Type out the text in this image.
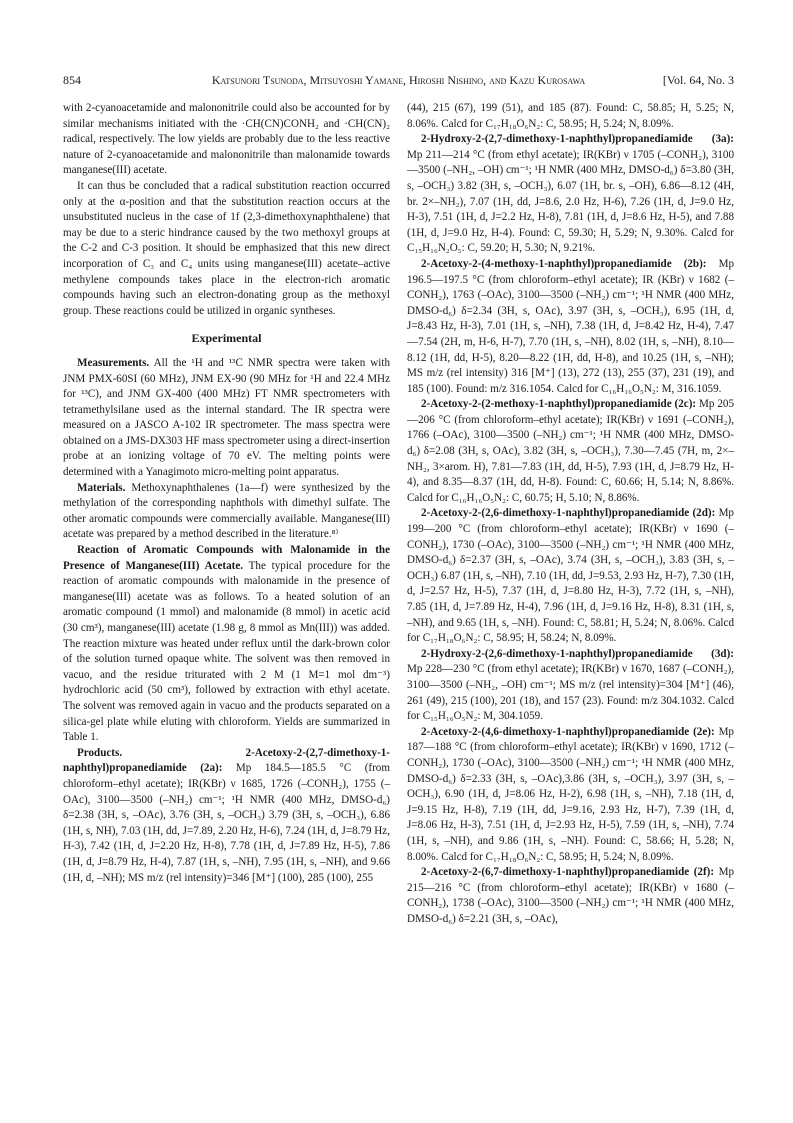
854	Katsunori Tsunoda, Mitsuyoshi Yamane, Hiroshi Nishino, and Kazu Kurosawa	[Vol. 64, No. 3

with 2-cyanoacetamide and malononitrile could also be accounted for by similar mechanisms initiated with the ·CH(CN)CONH₂ and ·CH(CN)₂ radical, respectively. The low yields are probably due to the less reactive nature of 2-cyanoacetamide and malononitrile than malonamide towards manganese(III) acetate.

It can thus be concluded that a radical substitution reaction occurred only at the α-position and that the substitution reaction occurs at the unsubstituted nucleus in the case of 1f (2,3-dimethoxynaphthalene) that may be due to a steric hindrance caused by the two methoxyl groups at the C-2 and C-3 position. It should be emphasized that this new direct incorporation of C₃ and C₄ units using manganese(III) acetate–active methylene compounds takes place in the electron-rich aromatic compounds having such an electron-donating group as the methoxyl group. These reactions could be utilized in organic syntheses.

Experimental

Measurements. All the ¹H and ¹³C NMR spectra were taken with JNM PMX-60SI (60 MHz), JNM EX-90 (90 MHz for ¹H and 22.4 MHz for ¹³C), and JNM GX-400 (400 MHz) FT NMR spectrometers with tetramethylsilane used as the internal standard. The IR spectra were measured on a JASCO A-102 IR spectrometer. The mass spectra were obtained on a JMS-DX303 HF mass spectrometer using a direct-insertion probe at an ionizing voltage of 70 eV. The melting points were determined with a Yanagimoto micro-melting point apparatus.

Materials. Methoxynaphthalenes (1a—f) were synthesized by the methylation of the corresponding naphthols with dimethyl sulfate. The other aromatic compounds were commercially available. Manganese(III) acetate was prepared by a method described in the literature.⁸⁾

Reaction of Aromatic Compounds with Malonamide in the Presence of Manganese(III) Acetate. The typical procedure for the reaction of aromatic compounds with malonamide in the presence of manganese(III) acetate was as follows. To a heated solution of an aromatic compound (1 mmol) and malonamide (8 mmol) in acetic acid (30 cm³), manganese(III) acetate (1.98 g, 8 mmol as Mn(III)) was added. The reaction mixture was heated under reflux until the dark-brown color of the solution turned opaque white. The solvent was then removed in vacuo, and the residue triturated with 2 M (1 M=1 mol dm⁻³) hydrochloric acid (50 cm³), followed by extraction with ethyl acetate. The solvent was removed again in vacuo and the products separated on a silica-gel plate while eluting with chloroform. Yields are summarized in Table 1.

Products.	2-Acetoxy-2-(2,7-dimethoxy-1-naphthyl)propanediamide (2a): Mp 184.5—185.5 °C (from chloroform–ethyl acetate); IR(KBr) ν 1685, 1726 (–CONH₂), 1755 (–OAc), 3100—3500 (–NH₂) cm⁻¹; ¹H NMR (400 MHz, DMSO-d₆) δ=2.38 (3H, s, –OAc), 3.76 (3H, s, –OCH₃) 3.79 (3H, s, –OCH₃), 6.86 (1H, s, NH), 7.03 (1H, dd, J=7.89, 2.20 Hz, H-6), 7.24 (1H, d, J=8.79 Hz, H-3), 7.42 (1H, d, J=2.20 Hz, H-8), 7.78 (1H, d, J=7.89 Hz, H-5), 7.86 (1H, d, J=8.79 Hz, H-4), 7.87 (1H, s, –NH), 7.95 (1H, s, –NH), and 9.66 (1H, d, –NH); MS m/z (rel intensity)=346 [M⁺] (100), 285 (100), 255

(44), 215 (67), 199 (51), and 185 (87). Found: C, 58.85; H, 5.25; N, 8.06%. Calcd for C₁₇H₁₈O₆N₂: C, 58.95; H, 5.24; N, 8.09%.

2-Hydroxy-2-(2,7-dimethoxy-1-naphthyl)propanediamide (3a): Mp 211—214 °C (from ethyl acetate); IR(KBr) ν 1705 (–CONH₂), 3100—3500 (–NH₂, –OH) cm⁻¹; ¹H NMR (400 MHz, DMSO-d₆) δ=3.80 (3H, s, –OCH₃) 3.82 (3H, s, –OCH₃), 6.07 (1H, br. s, –OH), 6.86—8.12 (4H, br. 2×–NH₂), 7.07 (1H, dd, J=8.6, 2.0 Hz, H-6), 7.26 (1H, d, J=9.0 Hz, H-3), 7.51 (1H, d, J=2.2 Hz, H-8), 7.81 (1H, d, J=8.6 Hz, H-5), and 7.88 (1H, d, J=9.0 Hz, H-4). Found: C, 59.30; H, 5.29; N, 9.30%. Calcd for C₁₅H₁₆N₂O₅: C, 59.20; H, 5.30; N, 9.21%.

2-Acetoxy-2-(4-methoxy-1-naphthyl)propanediamide (2b): Mp 196.5—197.5 °C (from chloroform–ethyl acetate); IR (KBr) ν 1682 (–CONH₂), 1763 (–OAc), 3100—3500 (–NH₂) cm⁻¹; ¹H NMR (400 MHz, DMSO-d₆) δ=2.34 (3H, s, OAc), 3.97 (3H, s, –OCH₃), 6.95 (1H, d, J=8.43 Hz, H-3), 7.01 (1H, s, –NH), 7.38 (1H, d, J=8.42 Hz, H-4), 7.47—7.54 (2H, m, H-6, H-7), 7.70 (1H, s, –NH), 8.02 (1H, s, –NH), 8.10—8.12 (1H, dd, H-5), 8.20—8.22 (1H, dd, H-8), and 10.25 (1H, s, –NH); MS m/z (rel intensity) 316 [M⁺] (13), 272 (13), 255 (37), 231 (19), and 185 (100). Found: m/z 316.1054. Calcd for C₁₆H₁₆O₅N₂: M, 316.1059.

2-Acetoxy-2-(2-methoxy-1-naphthyl)propanediamide (2c): Mp 205—206 °C (from chloroform–ethyl acetate); IR(KBr) ν 1691 (–CONH₂), 1766 (–OAc), 3100—3500 (–NH₂) cm⁻¹; ¹H NMR (400 MHz, DMSO-d₆) δ=2.08 (3H, s, OAc), 3.82 (3H, s, –OCH₃), 7.30—7.45 (7H, m, 2×–NH₂, 3×arom. H), 7.81—7.83 (1H, dd, H-5), 7.93 (1H, d, J=8.79 Hz, H-4), and 8.35—8.37 (1H, dd, H-8). Found: C, 60.66; H, 5.14; N, 8.86%. Calcd for C₁₆H₁₆O₅N₂: C, 60.75; H, 5.10; N, 8.86%.

2-Acetoxy-2-(2,6-dimethoxy-1-naphthyl)propanediamide (2d): Mp 199—200 °C (from chloroform–ethyl acetate); IR(KBr) ν 1690 (–CONH₂), 1730 (–OAc), 3100—3500 (–NH₂) cm⁻¹; ¹H NMR (400 MHz, DMSO-d₆) δ=2.37 (3H, s, –OAc), 3.74 (3H, s, –OCH₃), 3.83 (3H, s, –OCH₃) 6.87 (1H, s, –NH), 7.10 (1H, dd, J=9.53, 2.93 Hz, H-7), 7.30 (1H, d, J=2.57 Hz, H-5), 7.37 (1H, d, J=8.80 Hz, H-3), 7.72 (1H, s, –NH), 7.85 (1H, d, J=7.89 Hz, H-4), 7.96 (1H, d, J=9.16 Hz, H-8), 8.31 (1H, s, –NH), and 9.65 (1H, s, –NH). Found: C, 58.81; H, 5.24; N, 8.06%. Calcd for C₁₇H₁₈O₆N₂: C, 58.95; H, 58.24; N, 8.09%.

2-Hydroxy-2-(2,6-dimethoxy-1-naphthyl)propanediamide (3d): Mp 228—230 °C (from ethyl acetate); IR(KBr) ν 1670, 1687 (–CONH₂), 3100—3500 (–NH₂, –OH) cm⁻¹; MS m/z (rel intensity)=304 [M⁺] (46), 261 (49), 215 (100), 201 (18), and 157 (23). Found: m/z 304.1032. Calcd for C₁₅H₁₆O₅N₂: M, 304.1059.

2-Acetoxy-2-(4,6-dimethoxy-1-naphthyl)propanediamide (2e): Mp 187—188 °C (from chloroform–ethyl acetate); IR(KBr) ν 1690, 1712 (–CONH₂), 1730 (–OAc), 3100—3500 (–NH₂) cm⁻¹; ¹H NMR (400 MHz, DMSO-d₆) δ=2.33 (3H, s, –OAc),3.86 (3H, s, –OCH₃), 3.97 (3H, s, –OCH₃), 6.90 (1H, d, J=8.06 Hz, H-2), 6.98 (1H, s, –NH), 7.18 (1H, d, J=9.15 Hz, H-8), 7.19 (1H, dd, J=9.16, 2.93 Hz, H-7), 7.39 (1H, d, J=8.06 Hz, H-3), 7.51 (1H, d, J=2.93 Hz, H-5), 7.59 (1H, s, –NH), 7.74 (1H, s, –NH), and 9.86 (1H, s, –NH). Found: C, 58.66; H, 5.28; N, 8.00%. Calcd for C₁₇H₁₈O₆N₂: C, 58.95; H, 5.24; N, 8.09%.

2-Acetoxy-2-(6,7-dimethoxy-1-naphthyl)propanediamide (2f): Mp 215—216 °C (from chloroform–ethyl acetate); IR(KBr) ν 1680 (–CONH₂), 1738 (–OAc), 3100—3500 (–NH₂) cm⁻¹; ¹H NMR (400 MHz, DMSO-d₆) δ=2.21 (3H, s, –OAc),
